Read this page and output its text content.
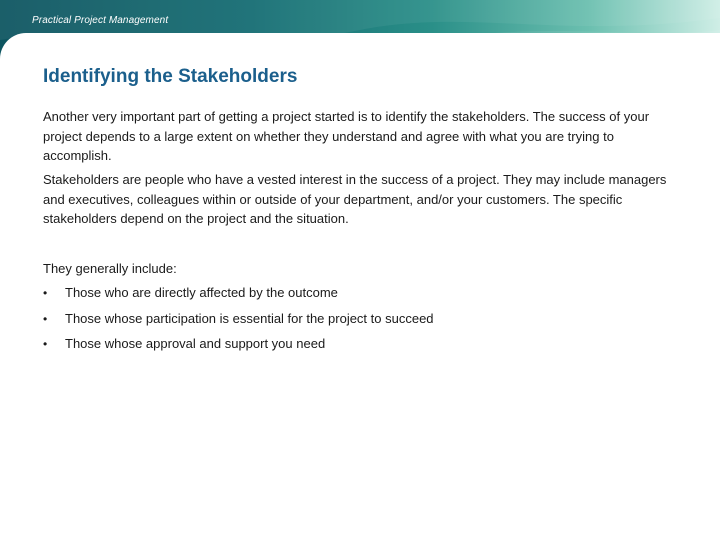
Practical Project Management
Identifying the Stakeholders

Another very important part of getting a project started is to identify the stakeholders. The success of your project depends to a large extent on whether they understand and agree with what you are trying to accomplish.

Stakeholders are people who have a vested interest in the success of a project. They may include managers and executives, colleagues within or outside of your department, and/or your customers. The specific stakeholders depend on the project and the situation.

They generally include:

• Those who are directly affected by the outcome
• Those whose participation is essential for the project to succeed
• Those whose approval and support you need
